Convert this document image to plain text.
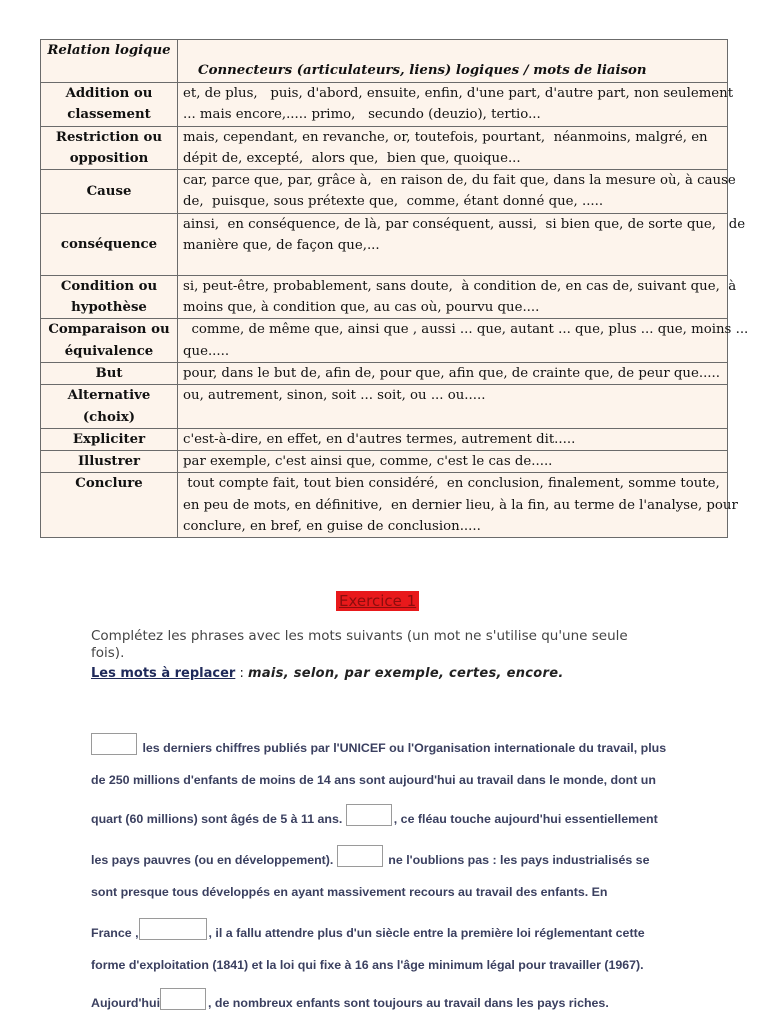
Relation logique	Connecteurs (articulateurs, liens) logiques / mots de liaison
Addition ou classement	et, de plus,   puis, d'abord, ensuite, enfin, d'une part, d'autre part, non seulement
... mais encore,..... primo,   secundo (deuzio), tertio...

Restriction ou opposition	mais, cependant, en revanche, or, toutefois, pourtant,  néanmoins, malgré, en
dépit de, excepté,  alors que,  bien que, quoique...

Cause	car, parce que, par, grâce à,  en raison de, du fait que, dans la mesure où, à cause
de,  puisque, sous prétexte que,  comme, étant donné que, .....

conséquence	ainsi,  en conséquence, de là, par conséquent, aussi,  si bien que, de sorte que,   de
manière que, de façon que,...

Condition ou hypothèse	si, peut-être, probablement, sans doute,  à condition de, en cas de, suivant que,  à
moins que, à condition que, au cas où, pourvu que....

Comparaison ou équivalence	comme, de même que, ainsi que , aussi ... que, autant ... que, plus ... que, moins ...
que.....

But	pour, dans le but de, afin de, pour que, afin que, de crainte que, de peur que.....

Alternative (choix)	ou, autrement, sinon, soit ... soit, ou ... ou.....

Expliciter	c'est-à-dire, en effet, en d'autres termes, autrement dit.....

Illustrer	par exemple, c'est ainsi que, comme, c'est le cas de.....

Conclure	tout compte fait, tout bien considéré,  en conclusion, finalement, somme toute,
en peu de mots, en définitive,  en dernier lieu, à la fin, au terme de l'analyse, pour
conclure, en bref, en guise de conclusion.....
Exercice 1
Complétez les phrases avec les mots suivants (un mot ne s'utilise qu'une seule fois).
Les mots à replacer : mais, selon, par exemple, certes, encore.
les derniers chiffres publiés par l'UNICEF ou l'Organisation internationale du travail, plus
de 250 millions d'enfants de moins de 14 ans sont aujourd'hui au travail dans le monde, dont un
quart (60 millions) sont âgés de 5 à 11 ans.	, ce fléau touche aujourd'hui essentiellement
les pays pauvres (ou en développement).	ne l'oublions pas : les pays industrialisés se
sont presque tous développés en ayant massivement recours au travail des enfants. En
France ,	, il a fallu attendre plus d'un siècle entre la première loi réglementant cette
forme d'exploitation (1841) et la loi qui fixe à 16 ans l'âge minimum légal pour travailler (1967).
Aujourd'hui	, de nombreux enfants sont toujours au travail dans les pays riches.
